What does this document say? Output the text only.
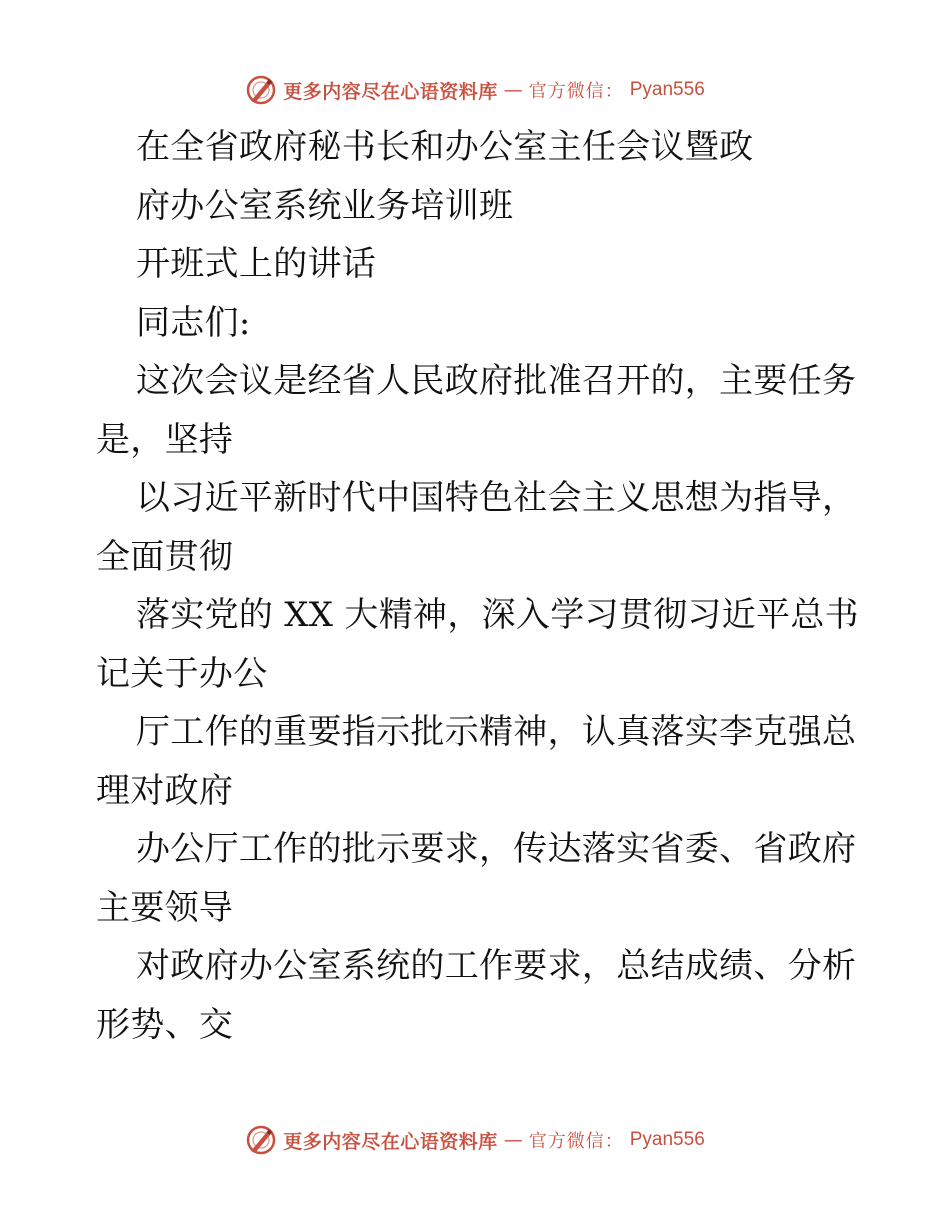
更多内容尽在心语资料库 — 官方微信： Pyan556
在全省政府秘书长和办公室主任会议暨政
府办公室系统业务培训班
开班式上的讲话
同志们:
这次会议是经省人民政府批准召开的，主要任务
是，坚持
以习近平新时代中国特色社会主义思想为指导，
全面贯彻
落实党的 XX 大精神，深入学习贯彻习近平总书
记关于办公
厅工作的重要指示批示精神，认真落实李克强总
理对政府
办公厅工作的批示要求，传达落实省委、省政府
主要领导
对政府办公室系统的工作要求，总结成绩、分析
形势、交
更多内容尽在心语资料库 — 官方微信： Pyan556
